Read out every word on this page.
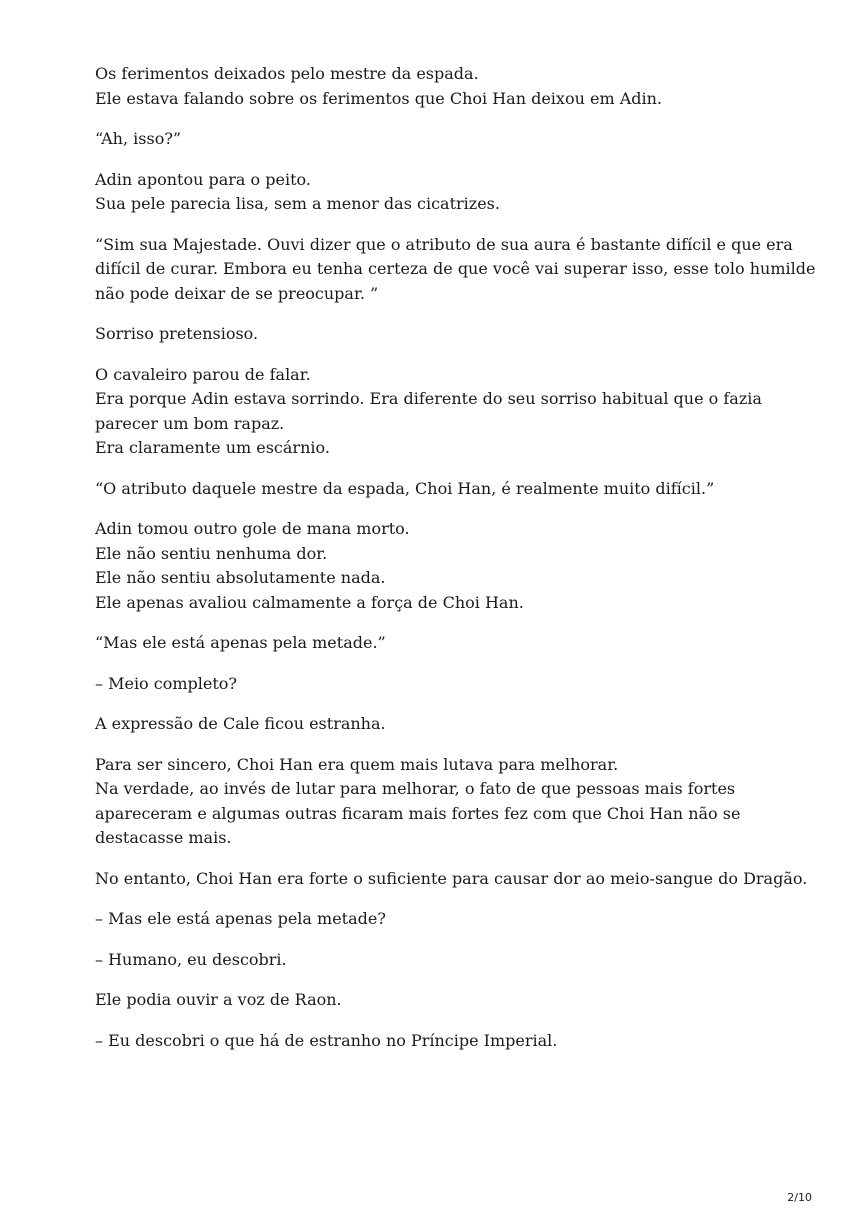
Os ferimentos deixados pelo mestre da espada.
Ele estava falando sobre os ferimentos que Choi Han deixou em Adin.

“Ah, isso?”

Adin apontou para o peito.
Sua pele parecia lisa, sem a menor das cicatrizes.

“Sim sua Majestade. Ouvi dizer que o atributo de sua aura é bastante difícil e que era
difícil de curar. Embora eu tenha certeza de que você vai superar isso, esse tolo humilde
não pode deixar de se preocupar. ”

Sorriso pretensioso.

O cavaleiro parou de falar.
Era porque Adin estava sorrindo. Era diferente do seu sorriso habitual que o fazia
parecer um bom rapaz.
Era claramente um escárnio.

“O atributo daquele mestre da espada, Choi Han, é realmente muito difícil.”

Adin tomou outro gole de mana morto.
Ele não sentiu nenhuma dor.
Ele não sentiu absolutamente nada.
Ele apenas avaliou calmamente a força de Choi Han.

“Mas ele está apenas pela metade.”

– Meio completo?

A expressão de Cale ficou estranha.

Para ser sincero, Choi Han era quem mais lutava para melhorar.
Na verdade, ao invés de lutar para melhorar, o fato de que pessoas mais fortes
apareceram e algumas outras ficaram mais fortes fez com que Choi Han não se
destacasse mais.

No entanto, Choi Han era forte o suficiente para causar dor ao meio-sangue do Dragão.

– Mas ele está apenas pela metade?

– Humano, eu descobri.

Ele podia ouvir a voz de Raon.

– Eu descobri o que há de estranho no Príncipe Imperial.

2/10
